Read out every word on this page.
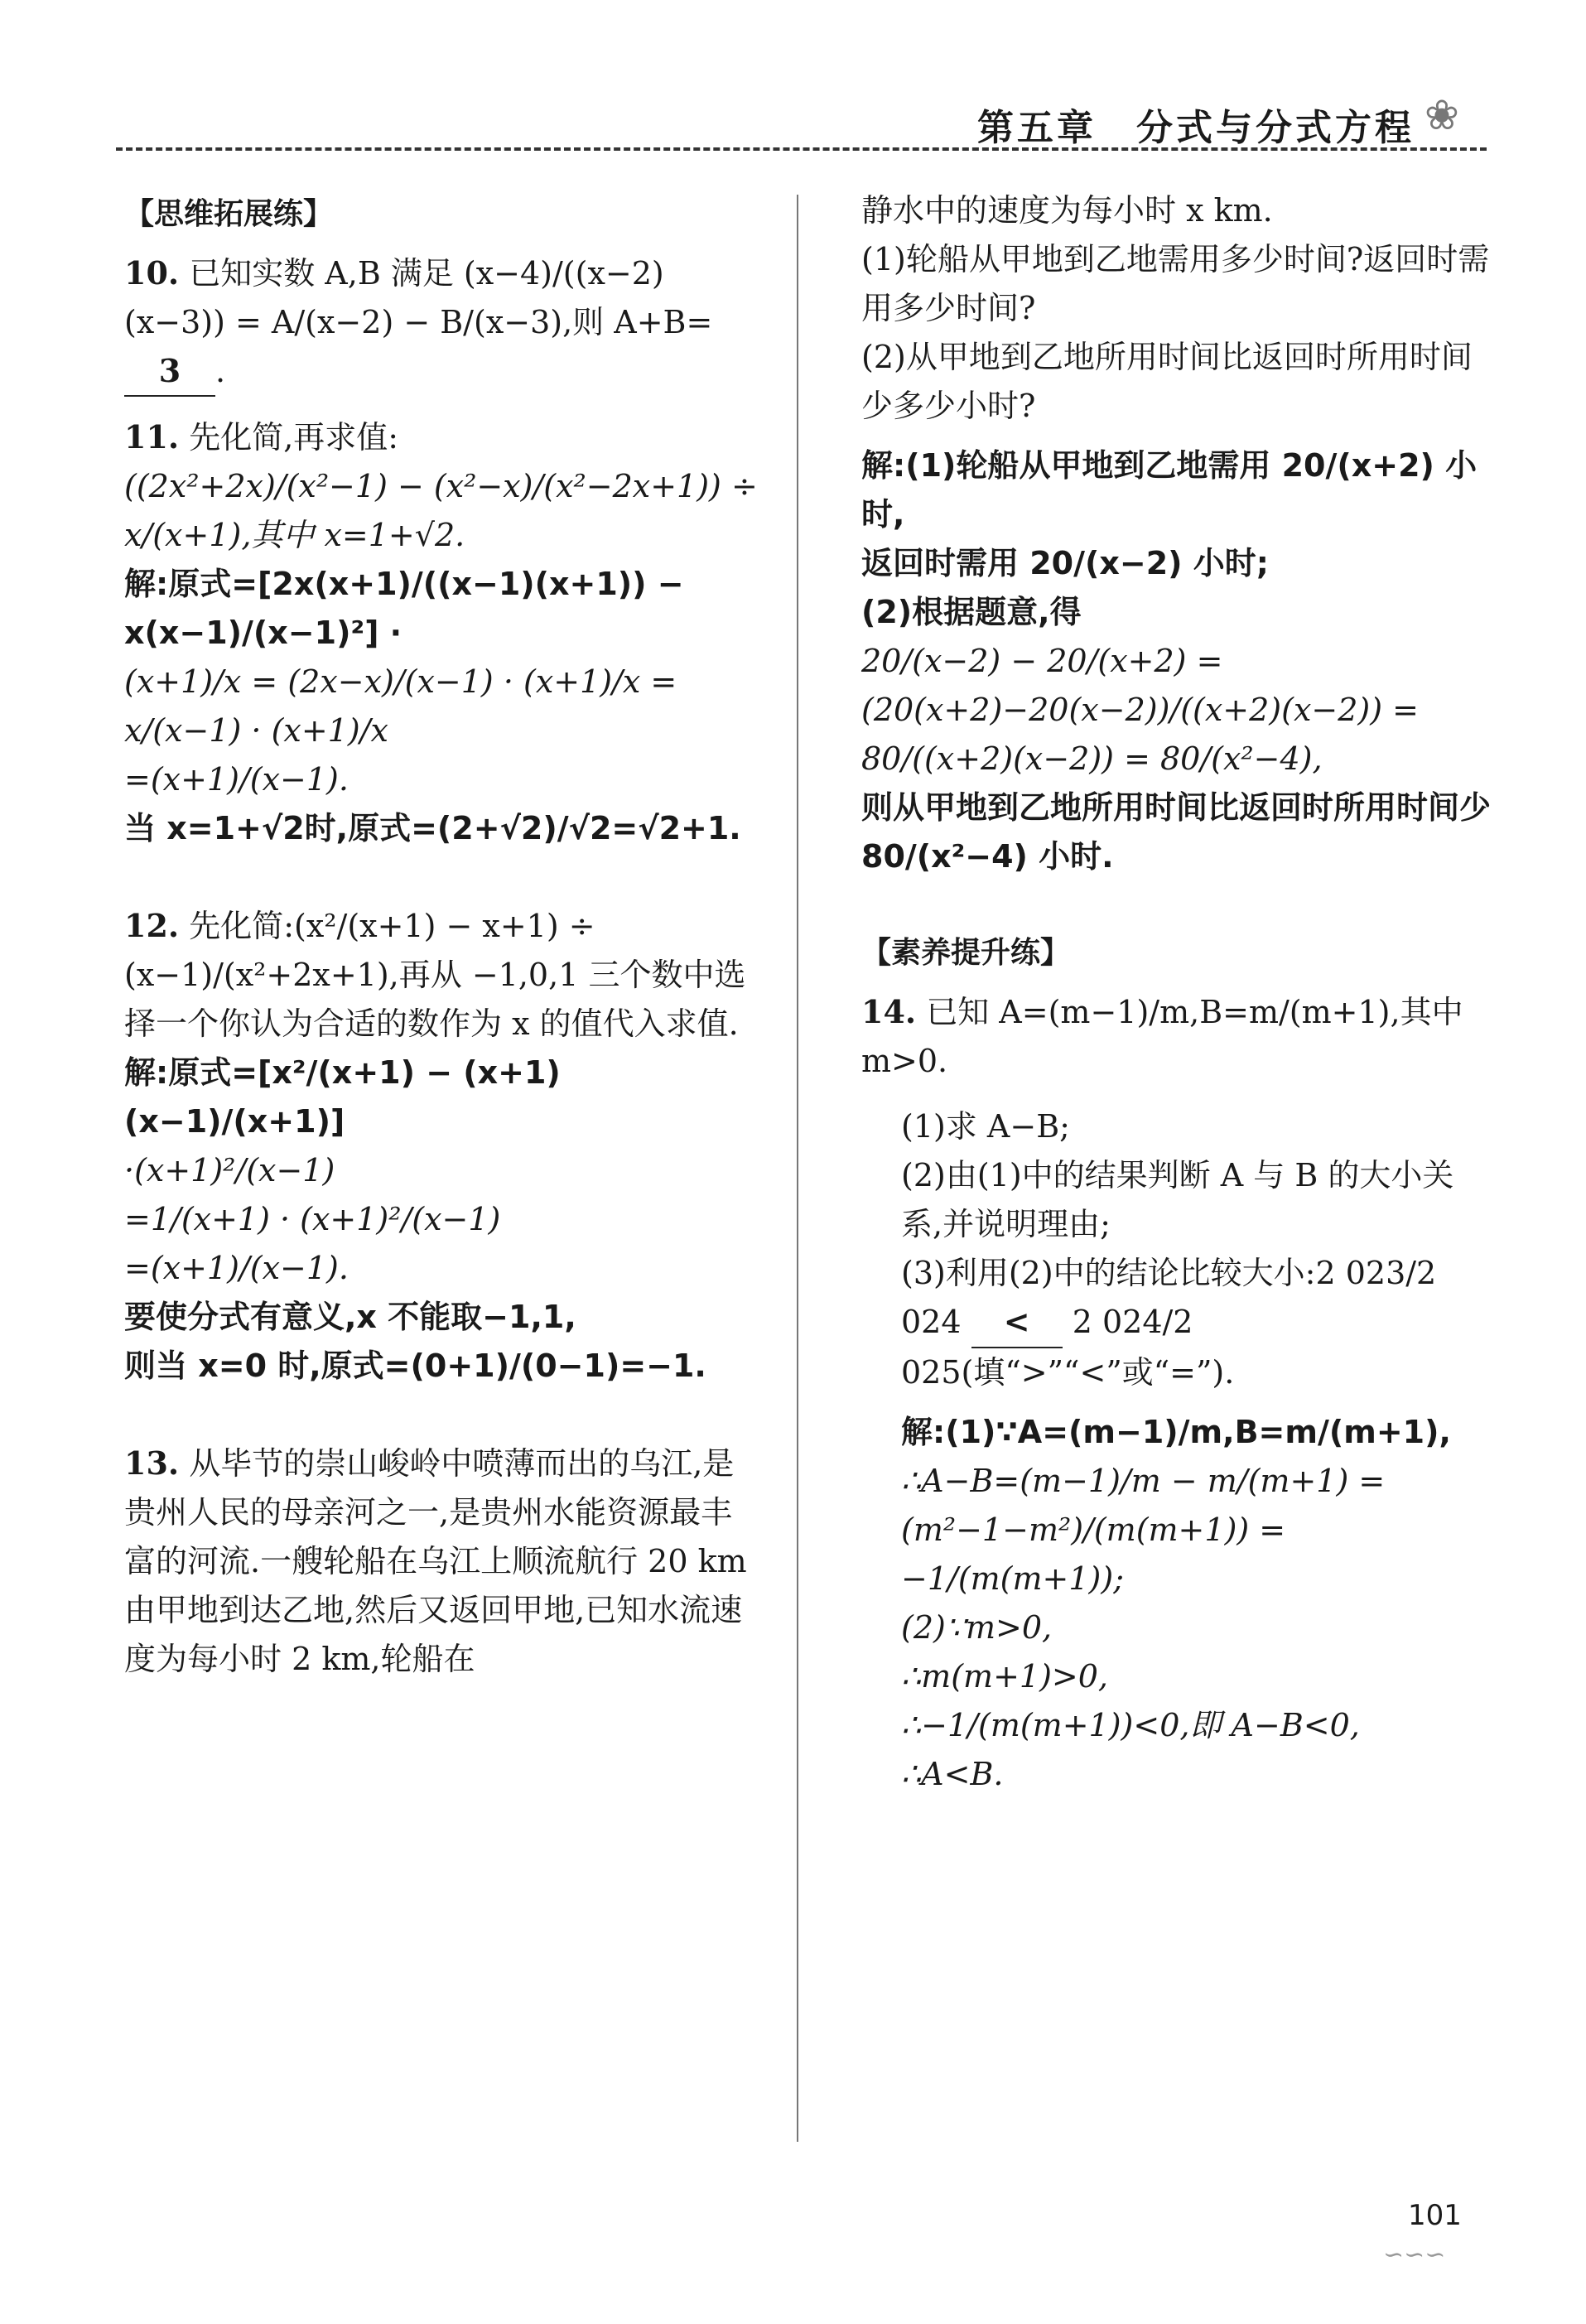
第五章　分式与分式方程 ❀
【思维拓展练】
10. 已知实数 A,B 满足 (x−4)/((x−2)(x−3)) = A/(x−2) − B/(x−3),则 A+B= 3 .
11. 先化简,再求值:
((2x²+2x)/(x²−1) − (x²−x)/(x²−2x+1)) ÷ x/(x+1),其中 x=1+√2.
解:原式=[2x(x+1)/((x−1)(x+1)) − x(x−1)/(x−1)²] ·
(x+1)/x = (2x−x)/(x−1) · (x+1)/x = x/(x−1) · (x+1)/x
=(x+1)/(x−1).
当 x=1+√2时,原式=(2+√2)/√2=√2+1.
12. 先化简:(x²/(x+1) − x+1) ÷ (x−1)/(x²+2x+1),再从 −1,0,1 三个数中选择一个你认为合适的数作为 x 的值代入求值.
解:原式=[x²/(x+1) − (x+1)(x−1)/(x+1)]
·(x+1)²/(x−1)
=1/(x+1) · (x+1)²/(x−1)
=(x+1)/(x−1).
要使分式有意义,x 不能取−1,1,
则当 x=0 时,原式=(0+1)/(0−1)=−1.
13. 从毕节的崇山峻岭中喷薄而出的乌江,是贵州人民的母亲河之一,是贵州水能资源最丰富的河流.一艘轮船在乌江上顺流航行 20 km 由甲地到达乙地,然后又返回甲地,已知水流速度为每小时 2 km,轮船在
静水中的速度为每小时 x km.
(1)轮船从甲地到乙地需用多少时间?返回时需用多少时间?
(2)从甲地到乙地所用时间比返回时所用时间少多少小时?
解:(1)轮船从甲地到乙地需用 20/(x+2) 小时,
返回时需用 20/(x−2) 小时;
(2)根据题意,得
20/(x−2) − 20/(x+2) = (20(x+2)−20(x−2))/((x+2)(x−2)) =
80/((x+2)(x−2)) = 80/(x²−4),
则从甲地到乙地所用时间比返回时所用时间少 80/(x²−4) 小时.
【素养提升练】
14. 已知 A=(m−1)/m,B=m/(m+1),其中 m>0.
(1)求 A−B;
(2)由(1)中的结果判断 A 与 B 的大小关系,并说明理由;
(3)利用(2)中的结论比较大小:2 023/2 024 < 2 024/2 025(填“>”“<”或“=”).
解:(1)∵A=(m−1)/m,B=m/(m+1),
∴A−B=(m−1)/m − m/(m+1) = (m²−1−m²)/(m(m+1)) =
−1/(m(m+1));
(2)∵m>0,
∴m(m+1)>0,
∴−1/(m(m+1))<0,即 A−B<0,
∴A<B.
101
∽∽∽
